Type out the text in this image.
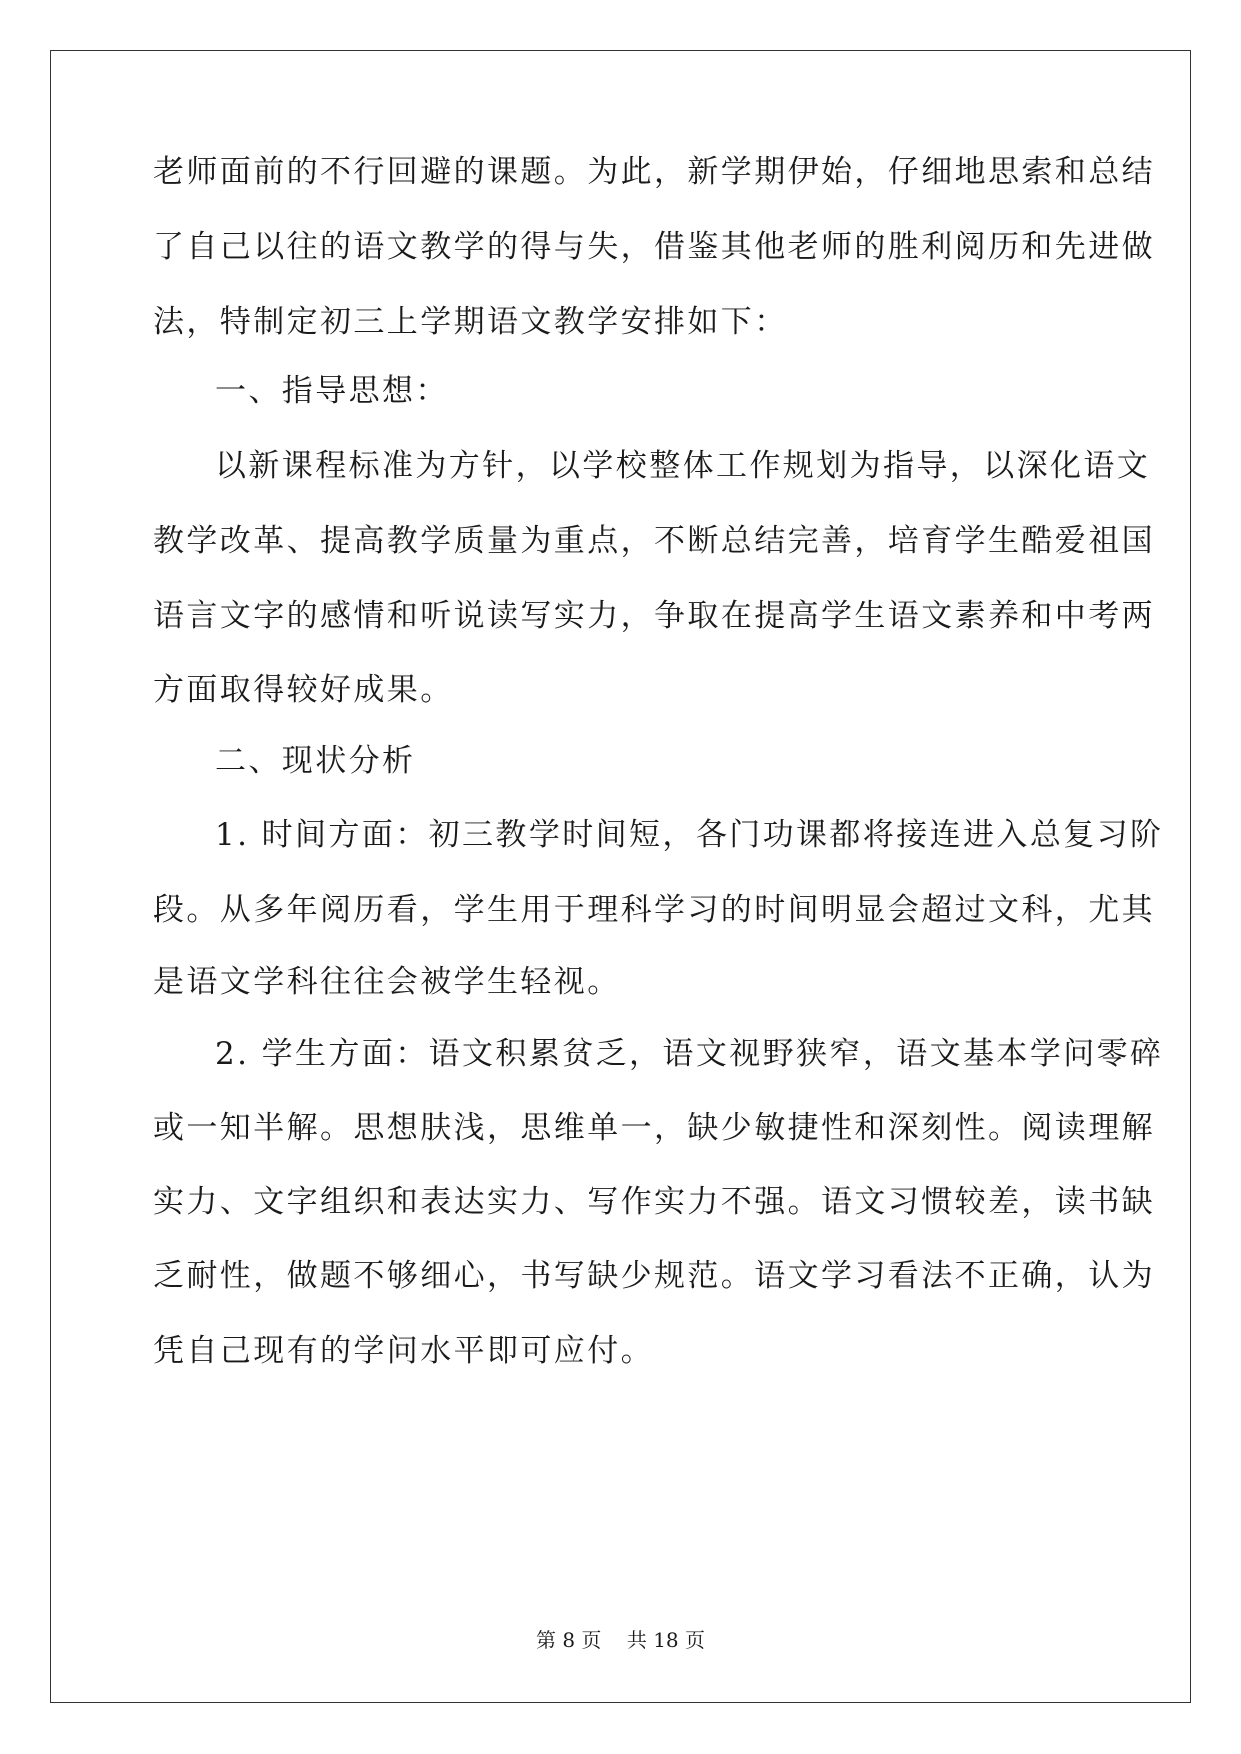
老师面前的不行回避的课题。为此，新学期伊始，仔细地思索和总结
了自己以往的语文教学的得与失，借鉴其他老师的胜利阅历和先进做
法，特制定初三上学期语文教学安排如下：
一、指导思想：
以新课程标准为方针，以学校整体工作规划为指导，以深化语文
教学改革、提高教学质量为重点，不断总结完善，培育学生酷爱祖国
语言文字的感情和听说读写实力，争取在提高学生语文素养和中考两
方面取得较好成果。
二、现状分析
1. 时间方面：初三教学时间短，各门功课都将接连进入总复习阶
段。从多年阅历看，学生用于理科学习的时间明显会超过文科，尤其
是语文学科往往会被学生轻视。
2. 学生方面：语文积累贫乏，语文视野狭窄，语文基本学问零碎
或一知半解。思想肤浅，思维单一，缺少敏捷性和深刻性。阅读理解
实力、文字组织和表达实力、写作实力不强。语文习惯较差，读书缺
乏耐性，做题不够细心，书写缺少规范。语文学习看法不正确，认为
凭自己现有的学问水平即可应付。
第 8 页    共 18 页
